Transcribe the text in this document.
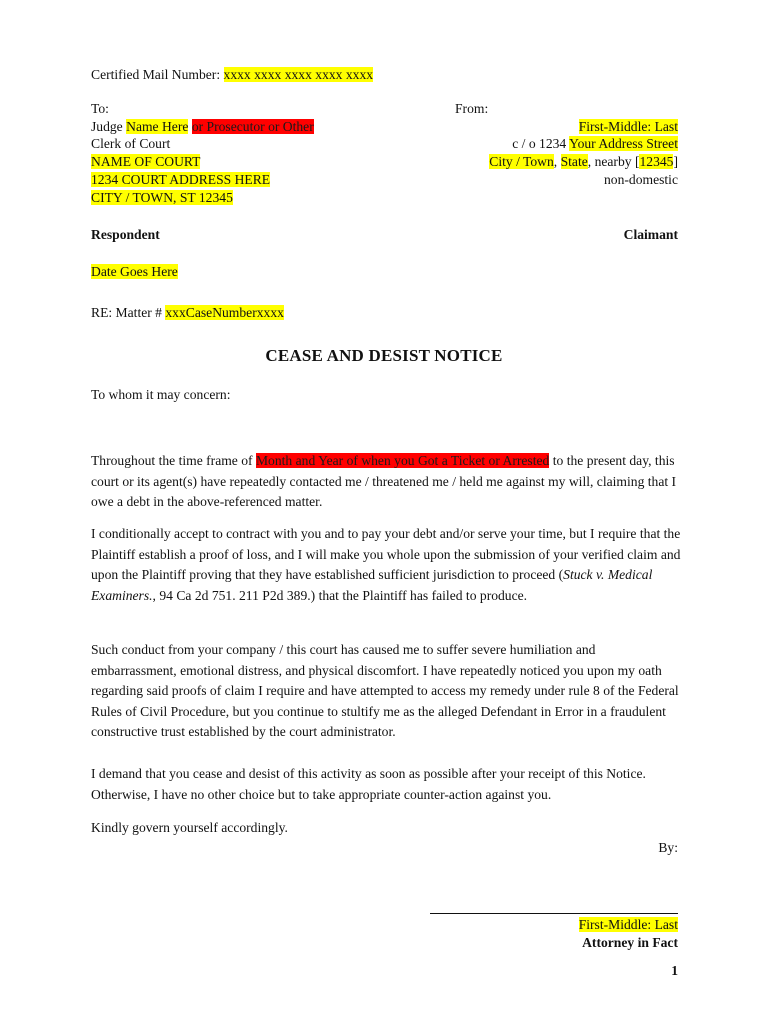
Certified Mail Number: xxxx xxxx xxxx xxxx xxxx
To:
Judge Name Here or Prosecutor or Other
Clerk of Court
NAME OF COURT
1234 COURT ADDRESS HERE
CITY / TOWN, ST 12345
From:
First-Middle: Last
c / o 1234 Your Address Street
City / Town, State, nearby [12345]
non-domestic
Respondent	Claimant
Date Goes Here
RE: Matter # xxxCaseNumberxxxx
CEASE AND DESIST NOTICE
To whom it may concern:
Throughout the time frame of Month and Year of when you Got a Ticket or Arrested to the present day, this court or its agent(s) have repeatedly contacted me / threatened me / held me against my will, claiming that I owe a debt in the above-referenced matter.
I conditionally accept to contract with you and to pay your debt and/or serve your time, but I require that the Plaintiff establish a proof of loss, and I will make you whole upon the submission of your verified claim and upon the Plaintiff proving that they have established sufficient jurisdiction to proceed (Stuck v. Medical Examiners., 94 Ca 2d 751. 211 P2d 389.) that the Plaintiff has failed to produce.
Such conduct from your company / this court has caused me to suffer severe humiliation and embarrassment, emotional distress, and physical discomfort. I have repeatedly noticed you upon my oath regarding said proofs of claim I require and have attempted to access my remedy under rule 8 of the Federal Rules of Civil Procedure, but you continue to stultify me as the alleged Defendant in Error in a fraudulent constructive trust established by the court administrator.
I demand that you cease and desist of this activity as soon as possible after your receipt of this Notice. Otherwise, I have no other choice but to take appropriate counter-action against you.
Kindly govern yourself accordingly.
By:
First-Middle: Last
Attorney in Fact
1
